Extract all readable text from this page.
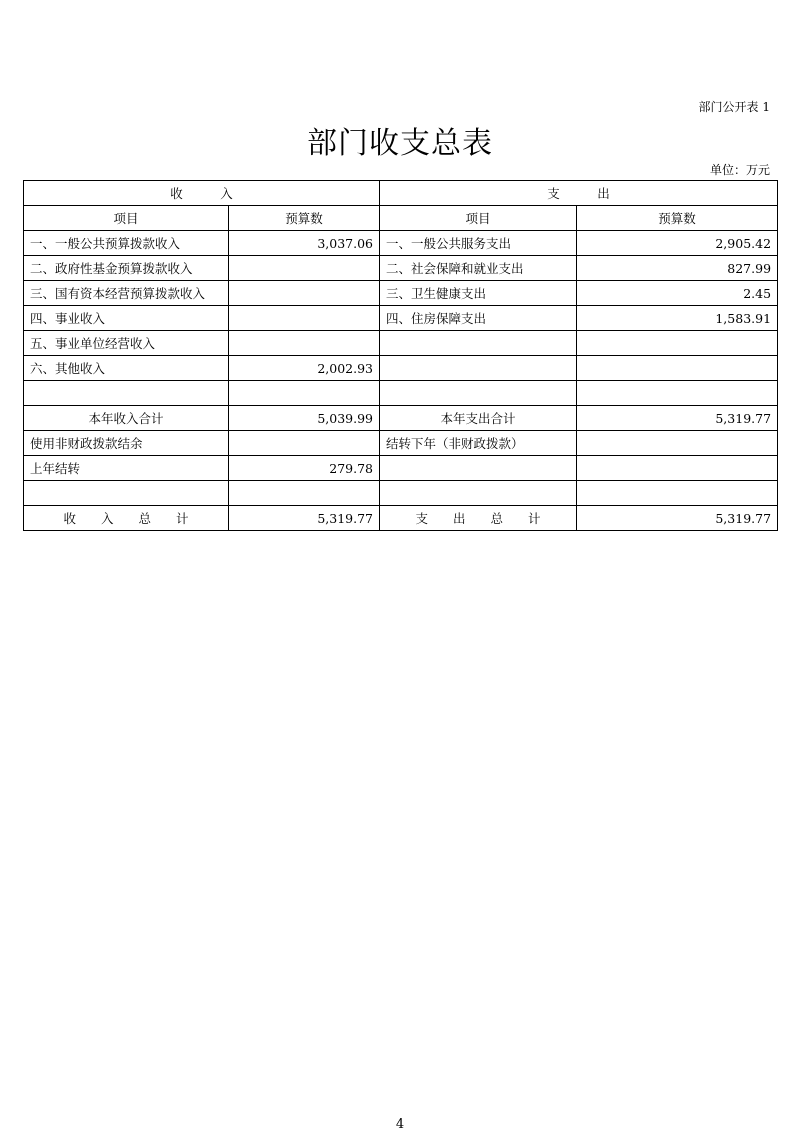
部门公开表 1
部门收支总表
单位：万元
收　　　入		支　　　出	
项目	预算数	项目	预算数
一、一般公共预算拨款收入	3,037.06	一、一般公共服务支出	2,905.42
二、政府性基金预算拨款收入		二、社会保障和就业支出	827.99
三、国有资本经营预算拨款收入		三、卫生健康支出	2.45
四、事业收入		四、住房保障支出	1,583.91
五、事业单位经营收入			
六、其他收入	2,002.93		

本年收入合计	5,039.99	本年支出合计	5,319.77
使用非财政拨款结余		结转下年（非财政拨款）	
上年结转	279.78		

收　　入　　总　　计	5,319.77	支　　出　　总　　计	5,319.77
4
